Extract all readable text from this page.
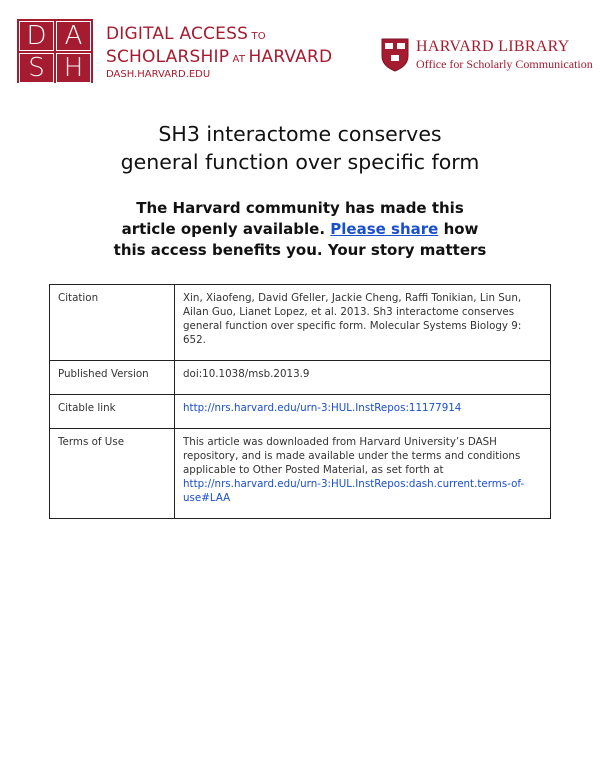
D A
S H
DIGITAL ACCESS TO
SCHOLARSHIP AT HARVARD
DASH.HARVARD.EDU
HARVARD LIBRARY
Office for Scholarly Communication
SH3 interactome conserves
general function over specific form
The Harvard community has made this
article openly available. Please share how
this access benefits you. Your story matters
Citation	Xin, Xiaofeng, David Gfeller, Jackie Cheng, Raffi Tonikian, Lin Sun, Ailan Guo, Lianet Lopez, et al. 2013. Sh3 interactome conserves general function over specific form. Molecular Systems Biology 9: 652.
Published Version	doi:10.1038/msb.2013.9
Citable link	http://nrs.harvard.edu/urn-3:HUL.InstRepos:11177914
Terms of Use	This article was downloaded from Harvard University’s DASH repository, and is made available under the terms and conditions applicable to Other Posted Material, as set forth at http://nrs.harvard.edu/urn-3:HUL.InstRepos:dash.current.terms-of-use#LAA
